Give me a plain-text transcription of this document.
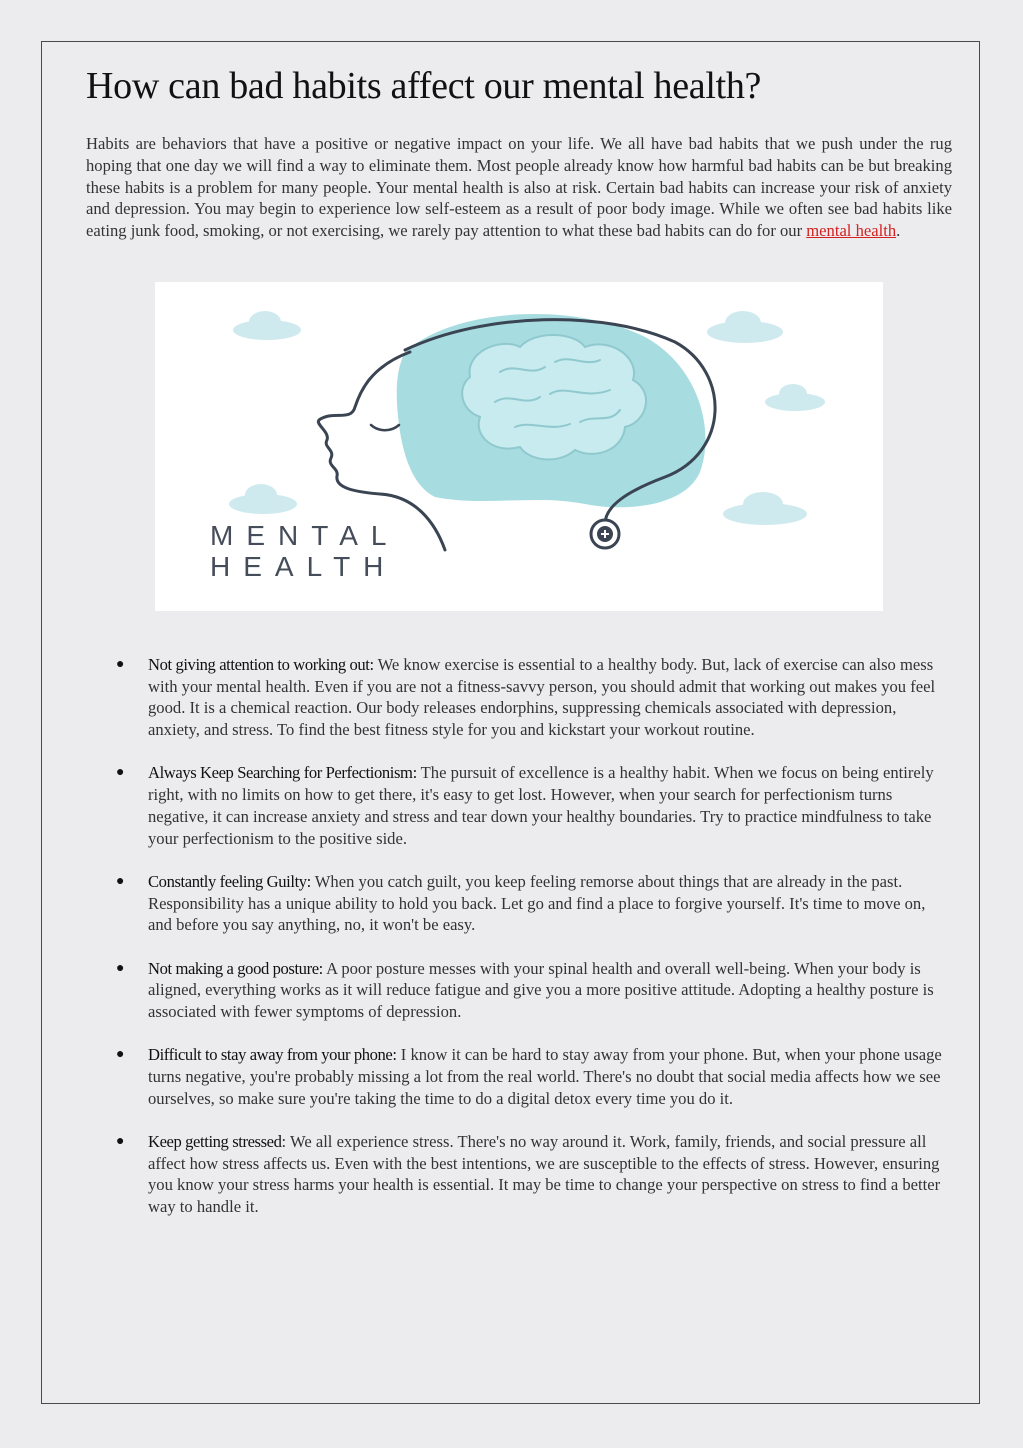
How can bad habits affect our mental health?

Habits are behaviors that have a positive or negative impact on your life. We all have bad habits that we push under the rug hoping that one day we will find a way to eliminate them. Most people already know how harmful bad habits can be but breaking these habits is a problem for many people. Your mental health is also at risk. Certain bad habits can increase your risk of anxiety and depression. You may begin to experience low self-esteem as a result of poor body image. While we often see bad habits like eating junk food, smoking, or not exercising, we rarely pay attention to what these bad habits can do for our mental health.

MENTAL
HEALTH
● Not giving attention to working out: We know exercise is essential to a healthy body. But, lack of exercise can also mess with your mental health. Even if you are not a fitness-savvy person, you should admit that working out makes you feel good. It is a chemical reaction. Our body releases endorphins, suppressing chemicals associated with depression, anxiety, and stress. To find the best fitness style for you and kickstart your workout routine.
● Always Keep Searching for Perfectionism: The pursuit of excellence is a healthy habit. When we focus on being entirely right, with no limits on how to get there, it's easy to get lost. However, when your search for perfectionism turns negative, it can increase anxiety and stress and tear down your healthy boundaries. Try to practice mindfulness to take your perfectionism to the positive side.
● Constantly feeling Guilty: When you catch guilt, you keep feeling remorse about things that are already in the past. Responsibility has a unique ability to hold you back. Let go and find a place to forgive yourself. It's time to move on, and before you say anything, no, it won't be easy.
● Not making a good posture: A poor posture messes with your spinal health and overall well-being. When your body is aligned, everything works as it will reduce fatigue and give you a more positive attitude. Adopting a healthy posture is associated with fewer symptoms of depression.
● Difficult to stay away from your phone: I know it can be hard to stay away from your phone. But, when your phone usage turns negative, you're probably missing a lot from the real world. There's no doubt that social media affects how we see ourselves, so make sure you're taking the time to do a digital detox every time you do it.
● Keep getting stressed: We all experience stress. There's no way around it. Work, family, friends, and social pressure all affect how stress affects us. Even with the best intentions, we are susceptible to the effects of stress. However, ensuring you know your stress harms your health is essential. It may be time to change your perspective on stress to find a better way to handle it.
